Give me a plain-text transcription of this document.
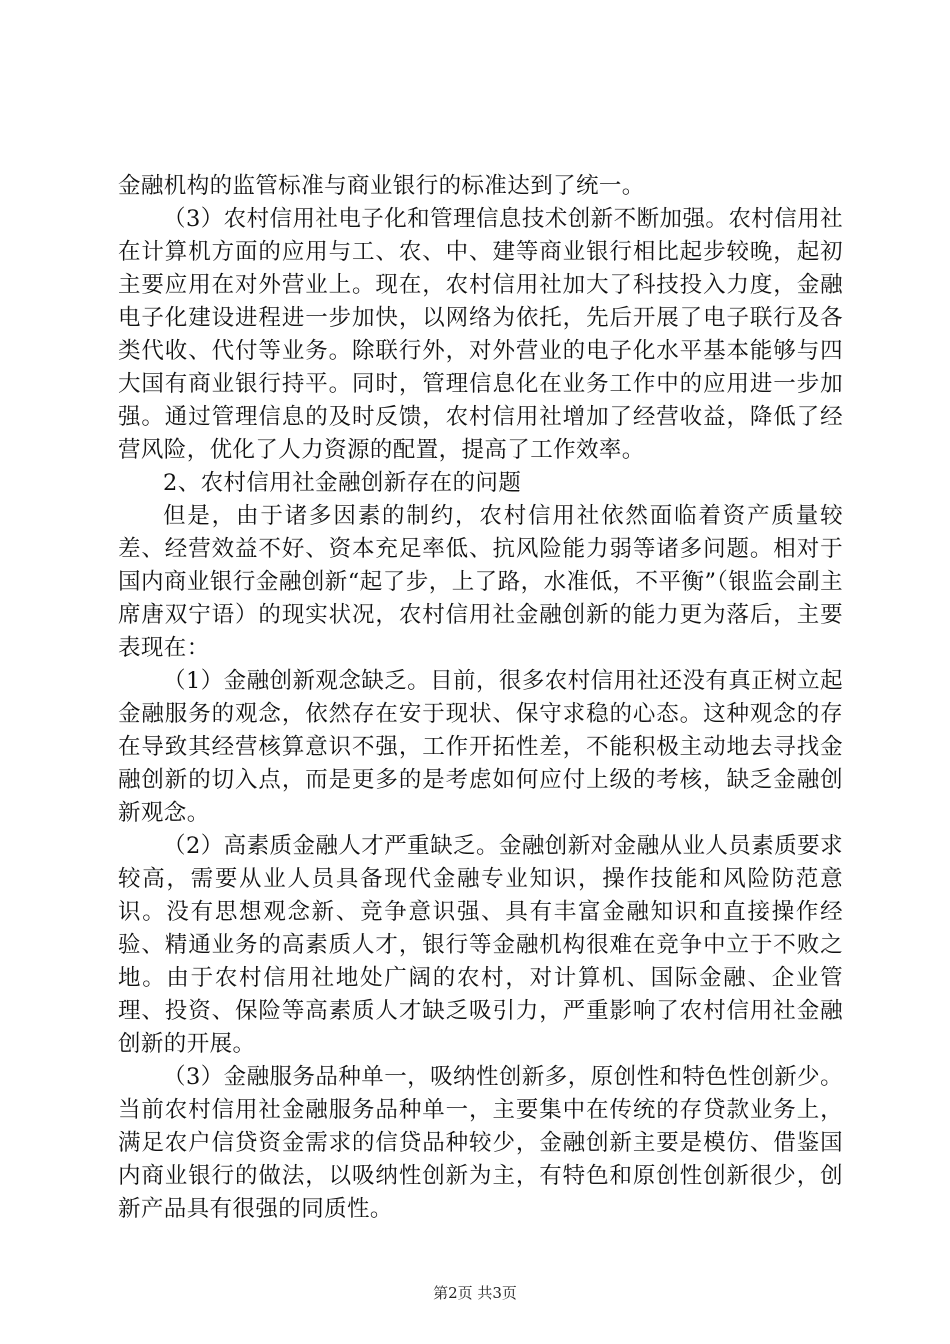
金融机构的监管标准与商业银行的标准达到了统一。

（3）农村信用社电子化和管理信息技术创新不断加强。农村信用社在计算机方面的应用与工、农、中、建等商业银行相比起步较晚，起初主要应用在对外营业上。现在，农村信用社加大了科技投入力度，金融电子化建设进程进一步加快，以网络为依托，先后开展了电子联行及各类代收、代付等业务。除联行外，对外营业的电子化水平基本能够与四大国有商业银行持平。同时，管理信息化在业务工作中的应用进一步加强。通过管理信息的及时反馈，农村信用社增加了经营收益，降低了经营风险，优化了人力资源的配置，提高了工作效率。

2、农村信用社金融创新存在的问题

但是，由于诸多因素的制约，农村信用社依然面临着资产质量较差、经营效益不好、资本充足率低、抗风险能力弱等诸多问题。相对于国内商业银行金融创新“起了步，上了路，水准低，不平衡”（银监会副主席唐双宁语）的现实状况，农村信用社金融创新的能力更为落后，主要表现在：

（1）金融创新观念缺乏。目前，很多农村信用社还没有真正树立起金融服务的观念，依然存在安于现状、保守求稳的心态。这种观念的存在导致其经营核算意识不强，工作开拓性差，不能积极主动地去寻找金融创新的切入点，而是更多的是考虑如何应付上级的考核，缺乏金融创新观念。

（2）高素质金融人才严重缺乏。金融创新对金融从业人员素质要求较高，需要从业人员具备现代金融专业知识，操作技能和风险防范意识。没有思想观念新、竞争意识强、具有丰富金融知识和直接操作经验、精通业务的高素质人才，银行等金融机构很难在竞争中立于不败之地。由于农村信用社地处广阔的农村，对计算机、国际金融、企业管理、投资、保险等高素质人才缺乏吸引力，严重影响了农村信用社金融创新的开展。

（3）金融服务品种单一，吸纳性创新多，原创性和特色性创新少。当前农村信用社金融服务品种单一，主要集中在传统的存贷款业务上，满足农户信贷资金需求的信贷品种较少，金融创新主要是模仿、借鉴国内商业银行的做法，以吸纳性创新为主，有特色和原创性创新很少，创新产品具有很强的同质性。

第2页 共3页
